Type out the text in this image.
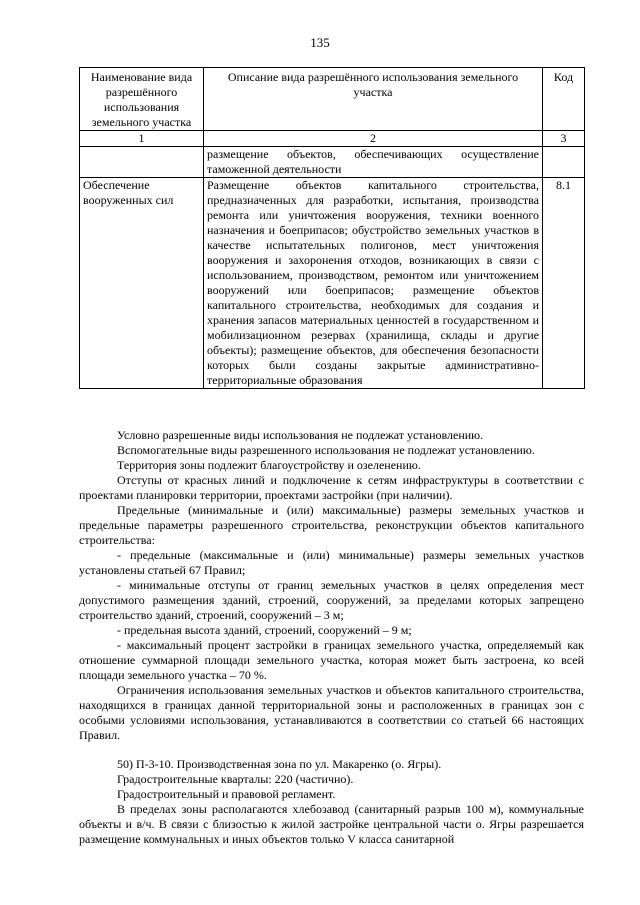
135
Наименование вида разрешённого использования земельного участка	Описание вида разрешённого использования земельного участка	Код
1	2	3
	размещение объектов, обеспечивающих осуществление таможенной деятельности	
Обеспечение вооруженных сил	Размещение объектов капитального строительства, предназначенных для разработки, испытания, производства ремонта или уничтожения вооружения, техники военного назначения и боеприпасов; обустройство земельных участков в качестве испытательных полигонов, мест уничтожения вооружения и захоронения отходов, возникающих в связи с использованием, производством, ремонтом или уничтожением вооружений или боеприпасов; размещение объектов капитального строительства, необходимых для создания и хранения запасов материальных ценностей в государственном и мобилизационном резервах (хранилища, склады и другие объекты); размещение объектов, для обеспечения безопасности которых были созданы закрытые административно-территориальные образования	8.1

Условно разрешенные виды использования не подлежат установлению.

Вспомогательные виды разрешенного использования не подлежат установлению.

Территория зоны подлежит благоустройству и озеленению.

Отступы от красных линий и подключение к сетям инфраструктуры в соответствии с проектами планировки территории, проектами застройки (при наличии).

Предельные (минимальные и (или) максимальные) размеры земельных участков и предельные параметры разрешенного строительства, реконструкции объектов капитального строительства:

- предельные (максимальные и (или) минимальные) размеры земельных участков установлены статьей 67 Правил;

- минимальные отступы от границ земельных участков в целях определения мест допустимого размещения зданий, строений, сооружений, за пределами которых запрещено строительство зданий, строений, сооружений – 3 м;

- предельная высота зданий, строений, сооружений – 9 м;

- максимальный процент застройки в границах земельного участка, определяемый как отношение суммарной площади земельного участка, которая может быть застроена, ко всей площади земельного участка – 70 %.

Ограничения использования земельных участков и объектов капитального строительства, находящихся в границах данной территориальной зоны и расположенных в границах зон с особыми условиями использования, устанавливаются в соответствии со статьей 66 настоящих Правил.

50) П-3-10. Производственная зона по ул. Макаренко (о. Ягры).

Градостроительные кварталы: 220 (частично).

Градостроительный и правовой регламент.

В пределах зоны располагаются хлебозавод (санитарный разрыв 100 м), коммунальные объекты и в/ч. В связи с близостью к жилой застройке центральной части о. Ягры разрешается размещение коммунальных и иных объектов только V класса санитарной
